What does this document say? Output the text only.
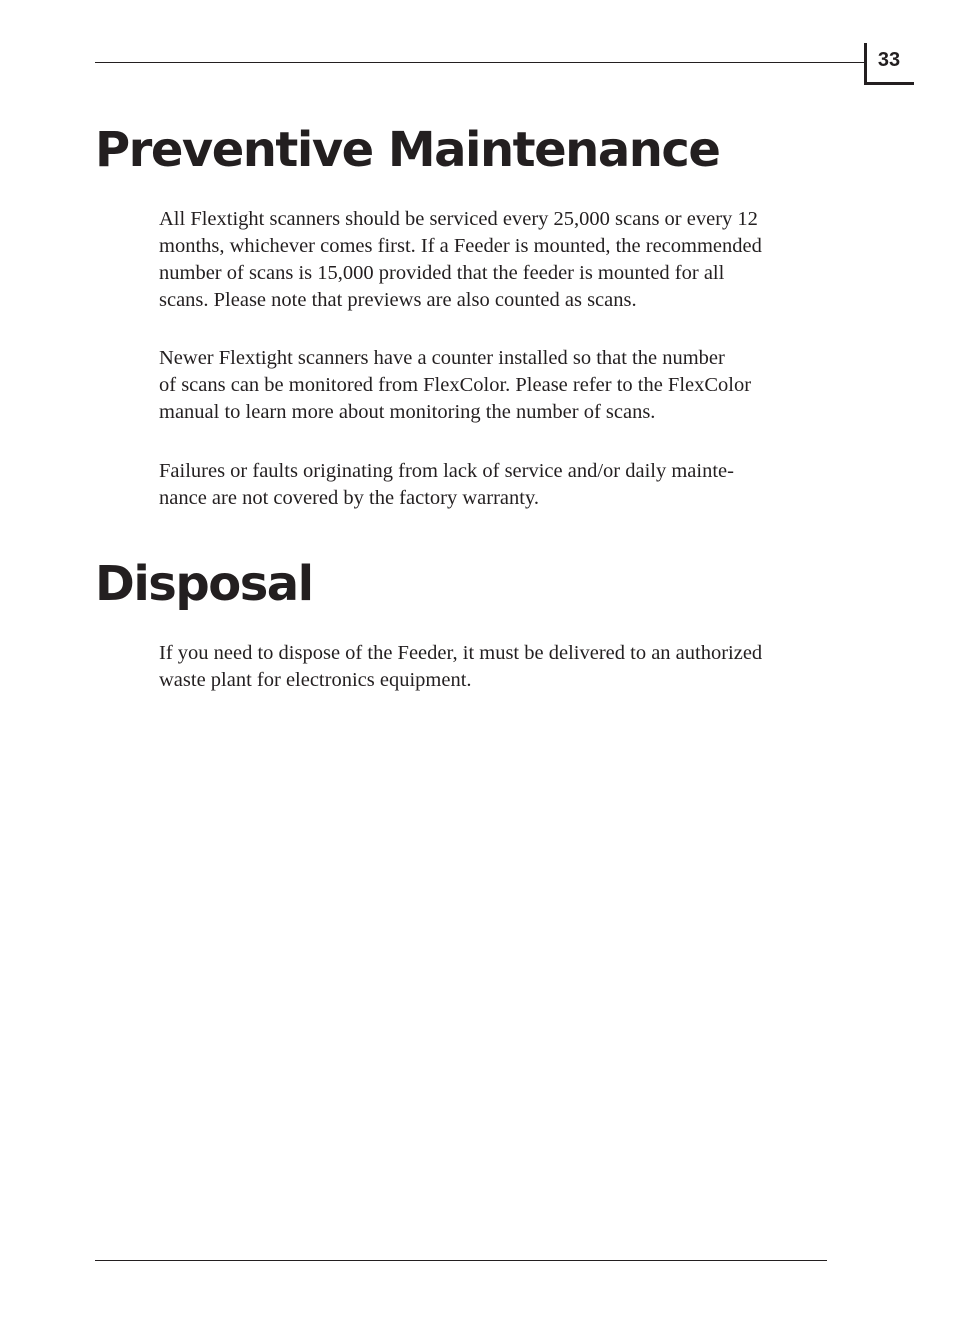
33
Preventive Maintenance

All Flextight scanners should be serviced every 25,000 scans or every 12
months, whichever comes first. If a Feeder is mounted, the recommended
number of scans is 15,000 provided that the feeder is mounted for all
scans. Please note that previews are also counted as scans.

Newer Flextight scanners have a counter installed so that the number
of scans can be monitored from FlexColor. Please refer to the FlexColor
manual to learn more about monitoring the number of scans.

Failures or faults originating from lack of service and/or daily mainte-
nance are not covered by the factory warranty.

Disposal

If you need to dispose of the Feeder, it must be delivered to an authorized
waste plant for electronics equipment.
